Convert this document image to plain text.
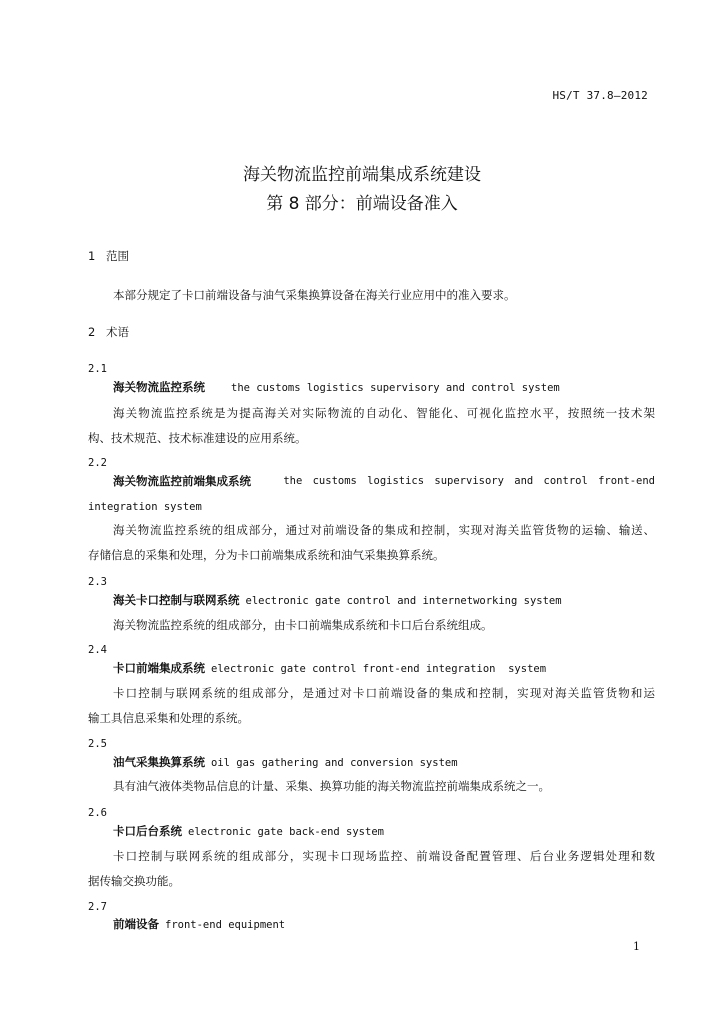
HS/T 37.8—2012
海关物流监控前端集成系统建设
第 8 部分：前端设备准入
1 范围
本部分规定了卡口前端设备与油气采集换算设备在海关行业应用中的准入要求。
2 术语
2.1
海关物流监控系统 the customs logistics supervisory and control system
海关物流监控系统是为提高海关对实际物流的自动化、智能化、可视化监控水平，按照统一技术架
构、技术规范、技术标准建设的应用系统。
2.2
海关物流监控前端集成系统	the customs logistics supervisory and control front-end
integration system
海关物流监控系统的组成部分，通过对前端设备的集成和控制，实现对海关监管货物的运输、输送、
存储信息的采集和处理，分为卡口前端集成系统和油气采集换算系统。
2.3
海关卡口控制与联网系统 electronic gate control and internetworking system
海关物流监控系统的组成部分，由卡口前端集成系统和卡口后台系统组成。
2.4
卡口前端集成系统 electronic gate control front-end integration  system
卡口控制与联网系统的组成部分，是通过对卡口前端设备的集成和控制，实现对海关监管货物和运
输工具信息采集和处理的系统。
2.5
油气采集换算系统 oil gas gathering and conversion system
具有油气液体类物品信息的计量、采集、换算功能的海关物流监控前端集成系统之一。
2.6
卡口后台系统 electronic gate back-end system
卡口控制与联网系统的组成部分，实现卡口现场监控、前端设备配置管理、后台业务逻辑处理和数
据传输交换功能。
2.7
前端设备 front-end equipment
1
